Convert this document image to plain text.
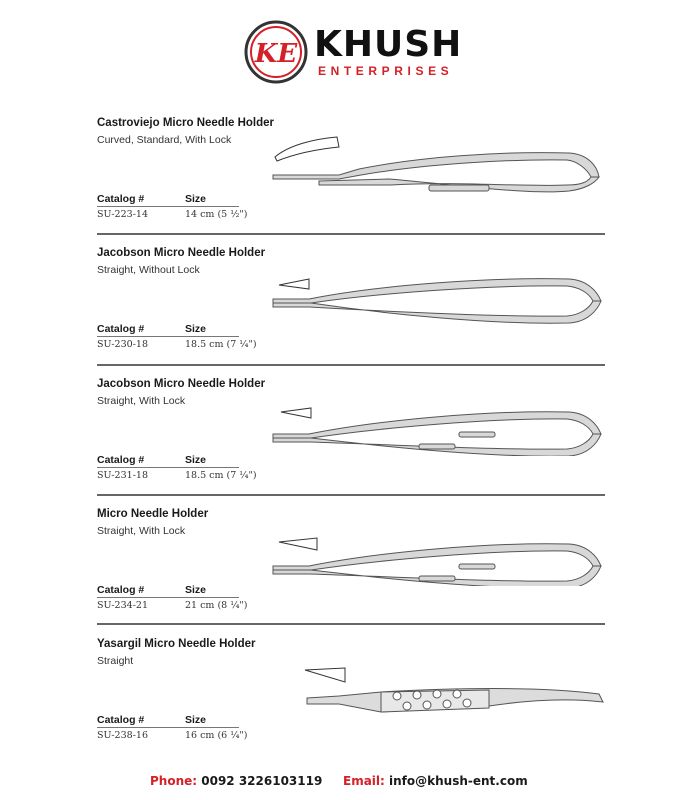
KE KHUSH
ENTERPRISES
Castroviejo Micro Needle Holder
Curved, Standard, With Lock
Catalog #	Size
SU-223-14	14 cm (5 ½")
Jacobson Micro Needle Holder
Straight, Without Lock
Catalog #	Size
SU-230-18	18.5 cm (7 ¼")
Jacobson Micro Needle Holder
Straight, With Lock
Catalog #	Size
SU-231-18	18.5 cm (7 ¼")
Micro Needle Holder
Straight, With Lock
Catalog #	Size
SU-234-21	21 cm (8 ¼")
Yasargil Micro Needle Holder
Straight
Catalog #	Size
SU-238-16	16 cm (6 ¼")
Phone: 0092 3226103119 Email: info@khush-ent.com
